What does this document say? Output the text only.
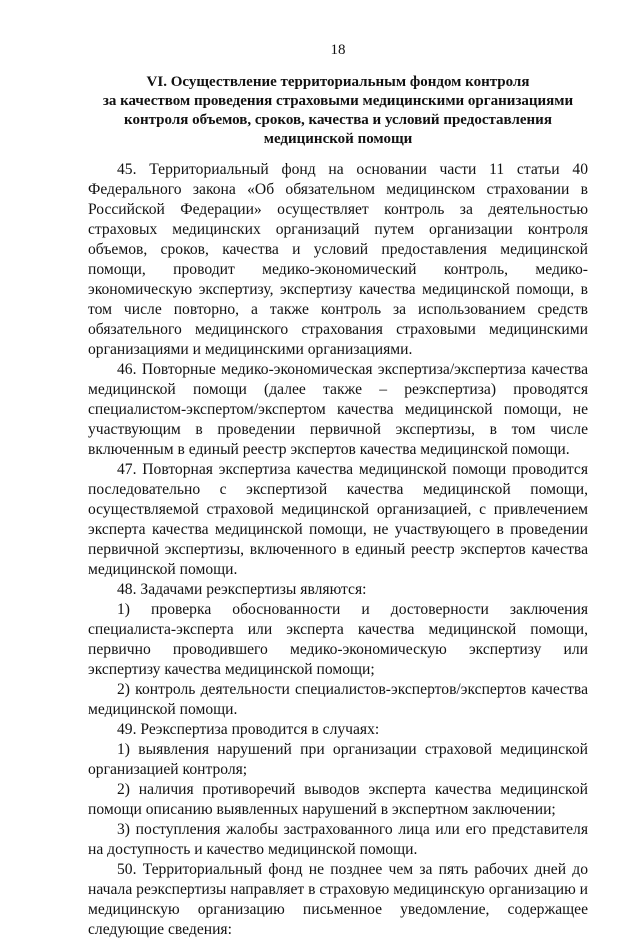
18
VI. Осуществление территориальным фондом контроля
за качеством проведения страховыми медицинскими организациями
контроля объемов, сроков, качества и условий предоставления
медицинской помощи

45. Территориальный фонд на основании части 11 статьи 40 Федерального закона «Об обязательном медицинском страховании в Российской Федерации» осуществляет контроль за деятельностью страховых медицинских организаций путем организации контроля объемов, сроков, качества и условий предоставления медицинской помощи, проводит медико-экономический контроль, медико-экономическую экспертизу, экспертизу качества медицинской помощи, в том числе повторно, а также контроль за использованием средств обязательного медицинского страхования страховыми медицинскими организациями и медицинскими организациями.

46. Повторные медико-экономическая экспертиза/экспертиза качества медицинской помощи (далее также – реэкспертиза) проводятся специалистом-экспертом/экспертом качества медицинской помощи, не участвующим в проведении первичной экспертизы, в том числе включенным в единый реестр экспертов качества медицинской помощи.

47. Повторная экспертиза качества медицинской помощи проводится последовательно с экспертизой качества медицинской помощи, осуществляемой страховой медицинской организацией, с привлечением эксперта качества медицинской помощи, не участвующего в проведении первичной экспертизы, включенного в единый реестр экспертов качества медицинской помощи.

48. Задачами реэкспертизы являются:

1) проверка обоснованности и достоверности заключения специалиста-эксперта или эксперта качества медицинской помощи, первично проводившего медико-экономическую экспертизу или экспертизу качества медицинской помощи;

2) контроль деятельности специалистов-экспертов/экспертов качества медицинской помощи.

49. Реэкспертиза проводится в случаях:

1) выявления нарушений при организации страховой медицинской организацией контроля;

2) наличия противоречий выводов эксперта качества медицинской помощи описанию выявленных нарушений в экспертном заключении;

3) поступления жалобы застрахованного лица или его представителя на доступность и качество медицинской помощи.

50. Территориальный фонд не позднее чем за пять рабочих дней до начала реэкспертизы направляет в страховую медицинскую организацию и медицинскую организацию письменное уведомление, содержащее следующие сведения:
